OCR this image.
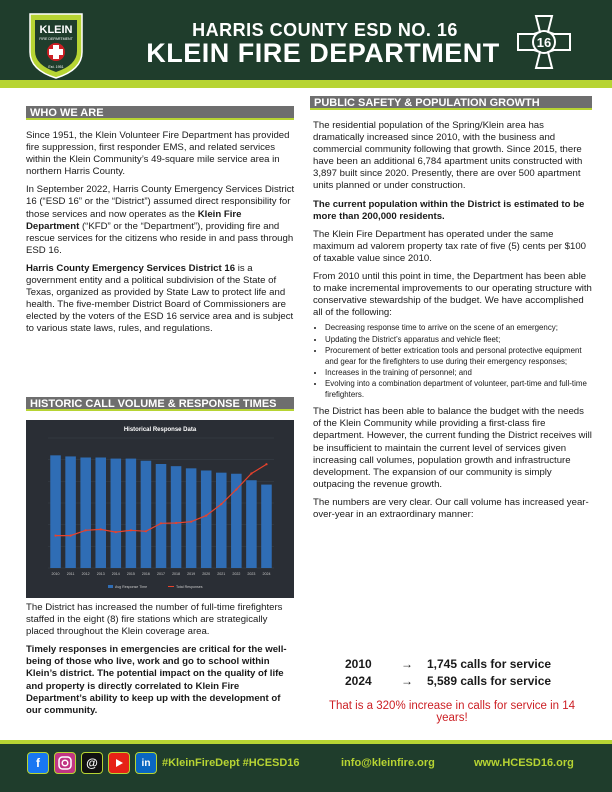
KLEIN
FIRE DEPARTMENT
Est. 1951
HARRIS COUNTY ESD NO. 16
KLEIN FIRE DEPARTMENT	16
WHO WE ARE

Since 1951, the Klein Volunteer Fire Department has provided fire suppression, first responder EMS, and related services within the Klein Community’s 49-square mile service area in northern Harris County.

In September 2022, Harris County Emergency Services District 16 (“ESD 16” or the “District”) assumed direct responsibility for those services and now operates as the Klein Fire Department (“KFD” or the “Department”), providing fire and rescue services for the citizens who reside in and pass through ESD 16.

Harris County Emergency Services District 16 is a government entity and a political subdivision of the State of Texas, organized as provided by State Law to protect life and health. The five-member District Board of Commissioners are elected by the voters of the ESD 16 service area and is subject to various state laws, rules, and regulations.

HISTORIC CALL VOLUME & RESPONSE TIMES
Historical Response Data
2010 2011 2012 2013 2014 2015 2016 2017 2018 2019 2020 2021 2022 2023 2024
Avg Response Time	Total Responses

The District has increased the number of full-time firefighters staffed in the eight (8) fire stations which are strategically placed throughout the Klein coverage area.

Timely responses in emergencies are critical for the well-being of those who live, work and go to school within Klein’s district. The potential impact on the quality of life and property is directly correlated to Klein Fire Department’s ability to keep up with the development of our community.

PUBLIC SAFETY & POPULATION GROWTH

The residential population of the Spring/Klein area has dramatically increased since 2010, with the business and commercial community following that growth. Since 2015, there have been an additional 6,784 apartment units constructed with 3,897 built since 2020. Presently, there are over 500 apartment units planned or under construction.

The current population within the District is estimated to be more than 200,000 residents.

The Klein Fire Department has operated under the same maximum ad valorem property tax rate of five (5) cents per $100 of taxable value since 2010.

From 2010 until this point in time, the Department has been able to make incremental improvements to our operating structure with conservative stewardship of the budget. We have accomplished all of the following:

• Decreasing response time to arrive on the scene of an emergency;
• Updating the District’s apparatus and vehicle fleet;
• Procurement of better extrication tools and personal protective equipment and gear for the firefighters to use during their emergency responses;
• Increases in the training of personnel; and
• Evolving into a combination department of volunteer, part-time and full-time firefighters.

The District has been able to balance the budget with the needs of the Klein Community while providing a first-class fire department. However, the current funding the District receives will be insufficient to maintain the current level of services given increasing call volumes, population growth and infrastructure development. The expansion of our community is simply outpacing the revenue growth.

The numbers are very clear. Our call volume has increased year-over-year in an extraordinary manner:

2010	→	1,745 calls for service
2024	→	5,589 calls for service
That is a 320% increase in calls for service in 14 years!
f	@	in	#KleinFireDept #HCESD16	info@kleinfire.org	www.HCESD16.org
